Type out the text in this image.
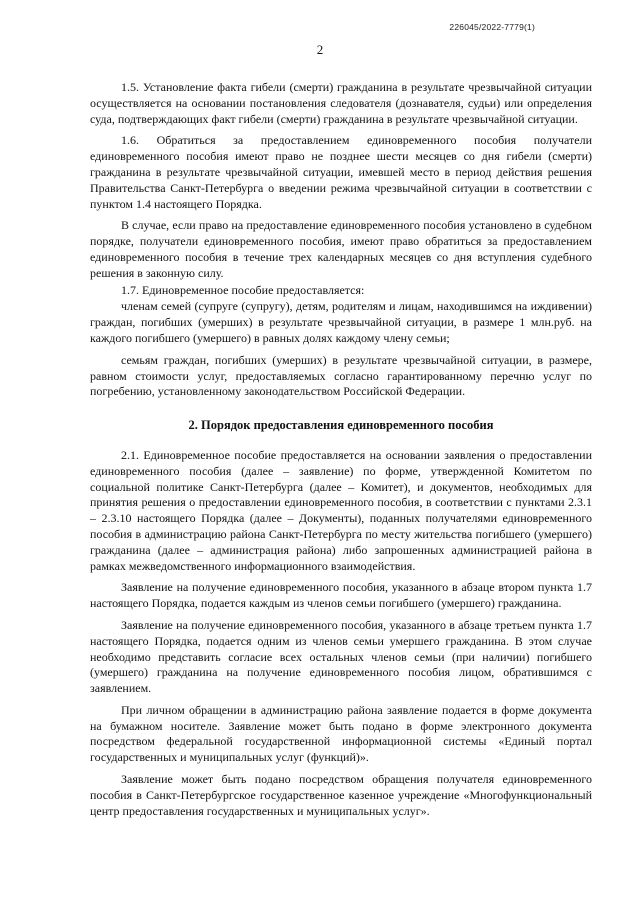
226045/2022-7779(1)
2

1.5. Установление факта гибели (смерти) гражданина в результате чрезвычайной ситуации осуществляется на основании постановления следователя (дознавателя, судьи) или определения суда, подтверждающих факт гибели (смерти) гражданина в результате чрезвычайной ситуации.

1.6. Обратиться за предоставлением единовременного пособия получатели единовременного пособия имеют право не позднее шести месяцев со дня гибели (смерти) гражданина в результате чрезвычайной ситуации, имевшей место в период действия решения Правительства Санкт-Петербурга о введении режима чрезвычайной ситуации в соответствии с пунктом 1.4 настоящего Порядка.

В случае, если право на предоставление единовременного пособия установлено в судебном порядке, получатели единовременного пособия, имеют право обратиться за предоставлением единовременного пособия в течение трех календарных месяцев со дня вступления судебного решения в законную силу.

1.7. Единовременное пособие предоставляется:

членам семей (супруге (супругу), детям, родителям и лицам, находившимся на иждивении) граждан, погибших (умерших) в результате чрезвычайной ситуации, в размере 1 млн.руб. на каждого погибшего (умершего) в равных долях каждому члену семьи;

семьям граждан, погибших (умерших) в результате чрезвычайной ситуации, в размере, равном стоимости услуг, предоставляемых согласно гарантированному перечню услуг по погребению, установленному законодательством Российской Федерации.

2. Порядок предоставления единовременного пособия

2.1. Единовременное пособие предоставляется на основании заявления о предоставлении единовременного пособия (далее – заявление) по форме, утвержденной Комитетом по социальной политике Санкт-Петербурга (далее – Комитет), и документов, необходимых для принятия решения о предоставлении единовременного пособия, в соответствии с пунктами 2.3.1 – 2.3.10 настоящего Порядка (далее – Документы), поданных получателями единовременного пособия в администрацию района Санкт-Петербурга по месту жительства погибшего (умершего) гражданина (далее – администрация района) либо запрошенных администрацией района в рамках межведомственного информационного взаимодействия.

Заявление на получение единовременного пособия, указанного в абзаце втором пункта 1.7 настоящего Порядка, подается каждым из членов семьи погибшего (умершего) гражданина.

Заявление на получение единовременного пособия, указанного в абзаце третьем пункта 1.7 настоящего Порядка, подается одним из членов семьи умершего гражданина. В этом случае необходимо представить согласие всех остальных членов семьи (при наличии) погибшего (умершего) гражданина на получение единовременного пособия лицом, обратившимся с заявлением.

При личном обращении в администрацию района заявление подается в форме документа на бумажном носителе. Заявление может быть подано в форме электронного документа посредством федеральной государственной информационной системы «Единый портал государственных и муниципальных услуг (функций)».

Заявление может быть подано посредством обращения получателя единовременного пособия в Санкт-Петербургское государственное казенное учреждение «Многофункциональный центр предоставления государственных и муниципальных услуг».
